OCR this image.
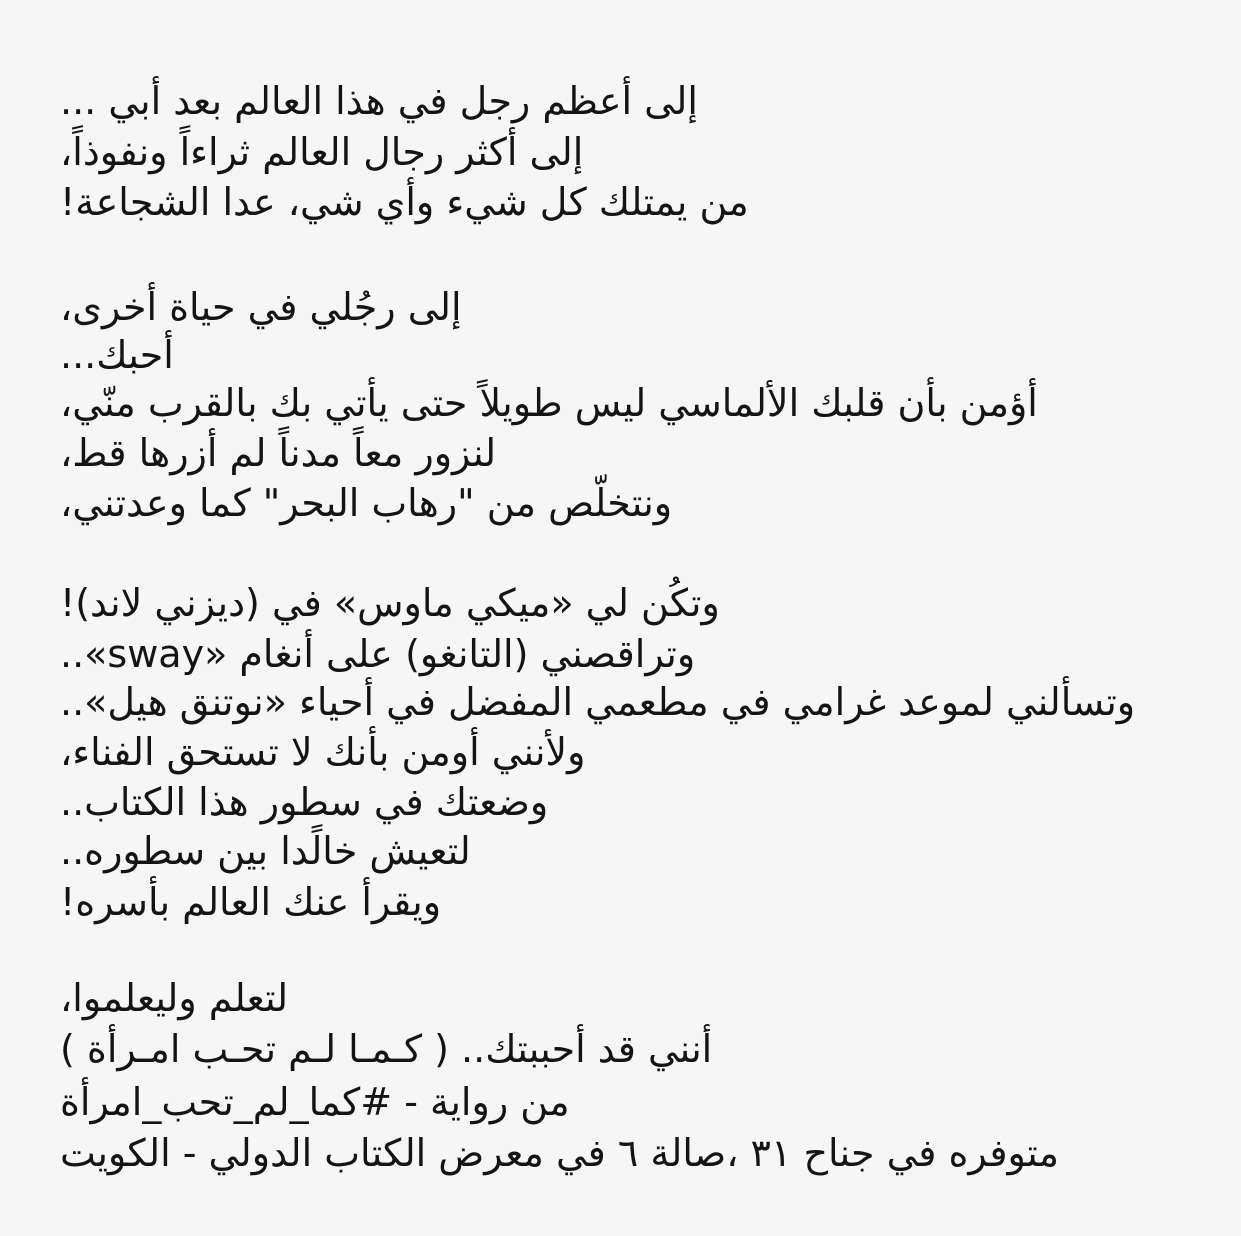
إلى أعظم رجل في هذا العالم بعد أبي ...
إلى أكثر رجال العالم ثراءاً ونفوذاً،
من يمتلك كل شيء وأي شي، عدا الشجاعة!
إلى رجُلي في حياة أخرى،
أحبك...
أؤمن بأن قلبك الألماسي ليس طويلاً حتى يأتي بك بالقرب منّي،
لنزور معاً مدناً لم أزرها قط،
ونتخلّص من "رهاب البحر" كما وعدتني،
وتكُن لي «ميكي ماوس» في (ديزني لاند)!
وتراقصني (التانغو) على أنغام «sway»..
وتسألني لموعد غرامي في مطعمي المفضل في أحياء «نوتنق هيل»..
ولأنني أومن بأنك لا تستحق الفناء،
وضعتك في سطور هذا الكتاب..
لتعيش خالًدا بين سطوره..
ويقرأ عنك العالم بأسره!
لتعلم وليعلموا،
أنني قد أحببتك.. ( كـمـا لـم تحـب امـرأة )
من رواية - #كما_لم_تحب_امرأة
متوفره في جناح ٣١ ،صالة ٦ في معرض الكتاب الدولي - الكويت
